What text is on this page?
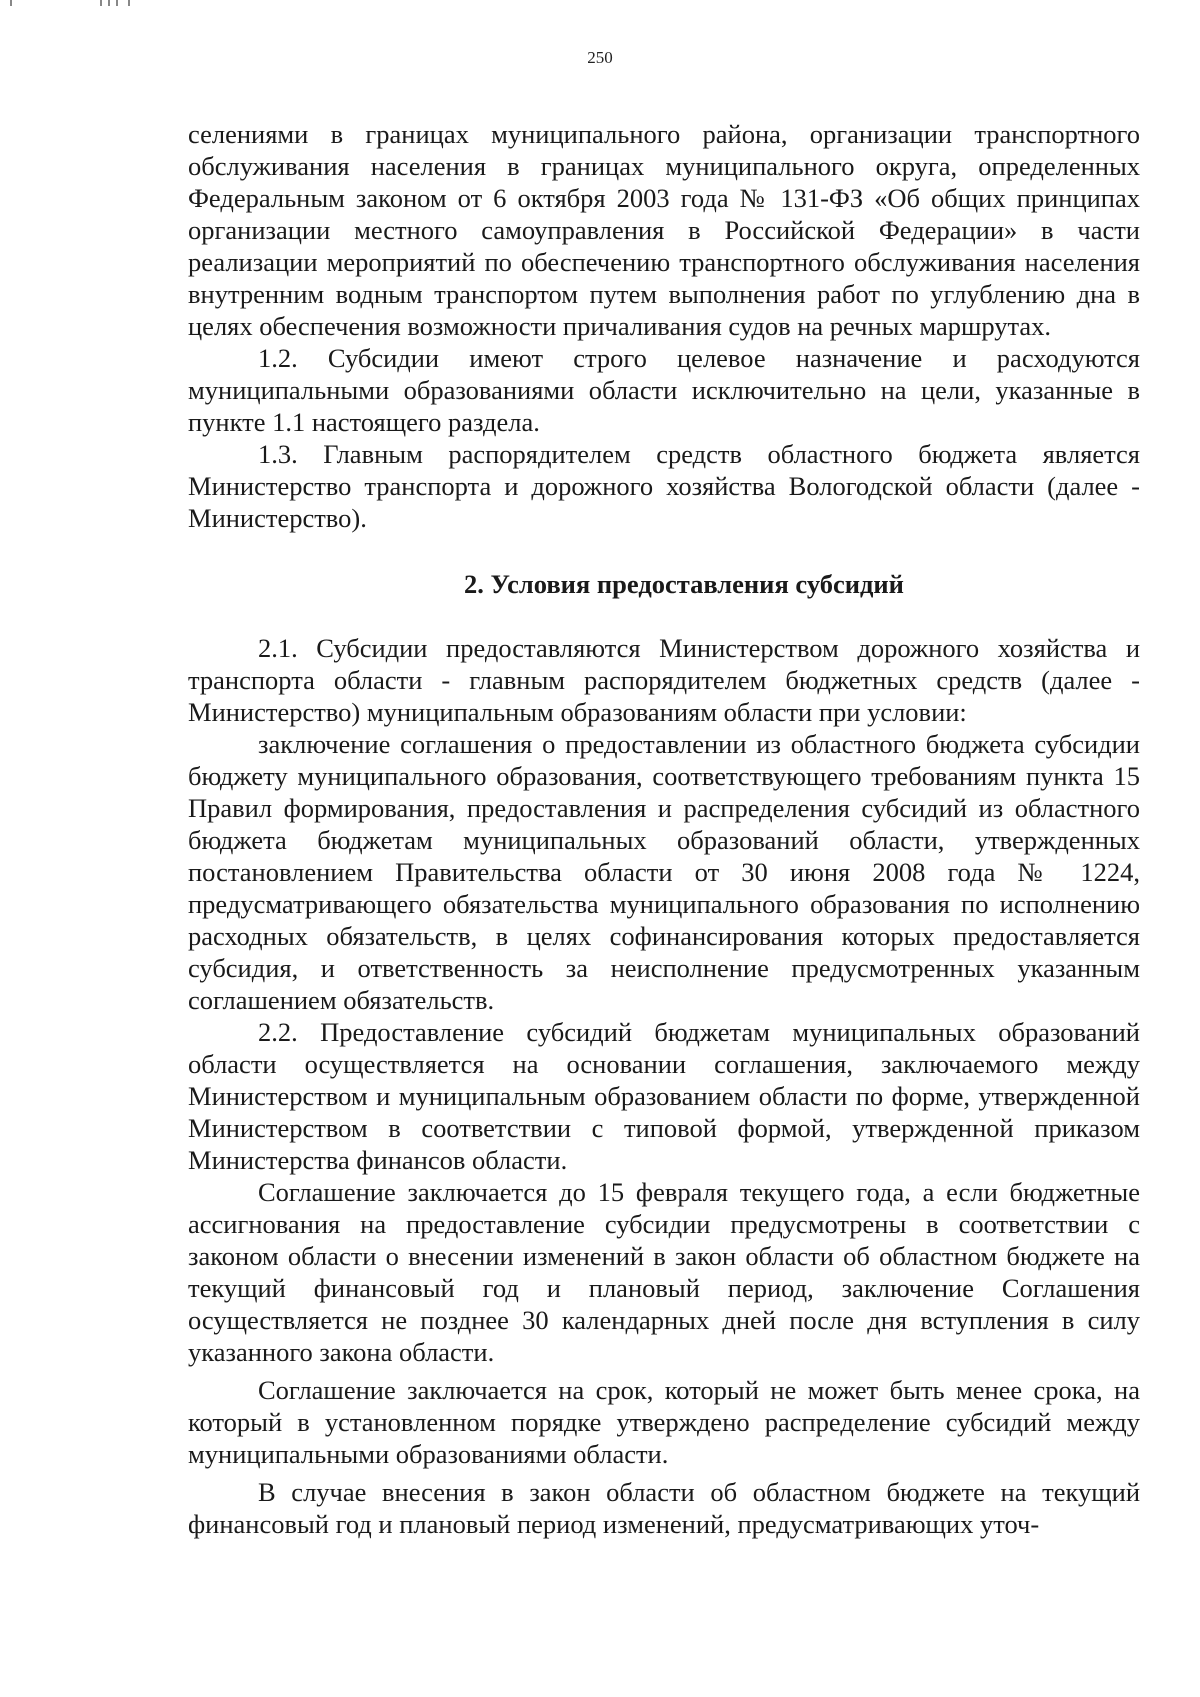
250

селениями в границах муниципального района, организации транспортного обслуживания населения в границах муниципального округа, определенных Федеральным законом от 6 октября 2003 года № 131-ФЗ «Об общих принципах организации местного самоуправления в Российской Федерации» в части реализации мероприятий по обеспечению транспортного обслуживания населения внутренним водным транспортом путем выполнения работ по углублению дна в целях обеспечения возможности причаливания судов на речных маршрутах.

1.2. Субсидии имеют строго целевое назначение и расходуются муниципальными образованиями области исключительно на цели, указанные в пункте 1.1 настоящего раздела.

1.3. Главным распорядителем средств областного бюджета является Министерство транспорта и дорожного хозяйства Вологодской области (далее - Министерство).

2. Условия предоставления субсидий

2.1. Субсидии предоставляются Министерством дорожного хозяйства и транспорта области - главным распорядителем бюджетных средств (далее - Министерство) муниципальным образованиям области при условии:

заключение соглашения о предоставлении из областного бюджета субсидии бюджету муниципального образования, соответствующего требованиям пункта 15 Правил формирования, предоставления и распределения субсидий из областного бюджета бюджетам муниципальных образований области, утвержденных постановлением Правительства области от 30 июня 2008 года № 1224, предусматривающего обязательства муниципального образования по исполнению расходных обязательств, в целях софинансирования которых предоставляется субсидия, и ответственность за неисполнение предусмотренных указанным соглашением обязательств.

2.2. Предоставление субсидий бюджетам муниципальных образований области осуществляется на основании соглашения, заключаемого между Министерством и муниципальным образованием области по форме, утвержденной Министерством в соответствии с типовой формой, утвержденной приказом Министерства финансов области.

Соглашение заключается до 15 февраля текущего года, а если бюджетные ассигнования на предоставление субсидии предусмотрены в соответствии с законом области о внесении изменений в закон области об областном бюджете на текущий финансовый год и плановый период, заключение Соглашения осуществляется не позднее 30 календарных дней после дня вступления в силу указанного закона области.

Соглашение заключается на срок, который не может быть менее срока, на который в установленном порядке утверждено распределение субсидий между муниципальными образованиями области.

В случае внесения в закон области об областном бюджете на текущий финансовый год и плановый период изменений, предусматривающих уточ-
